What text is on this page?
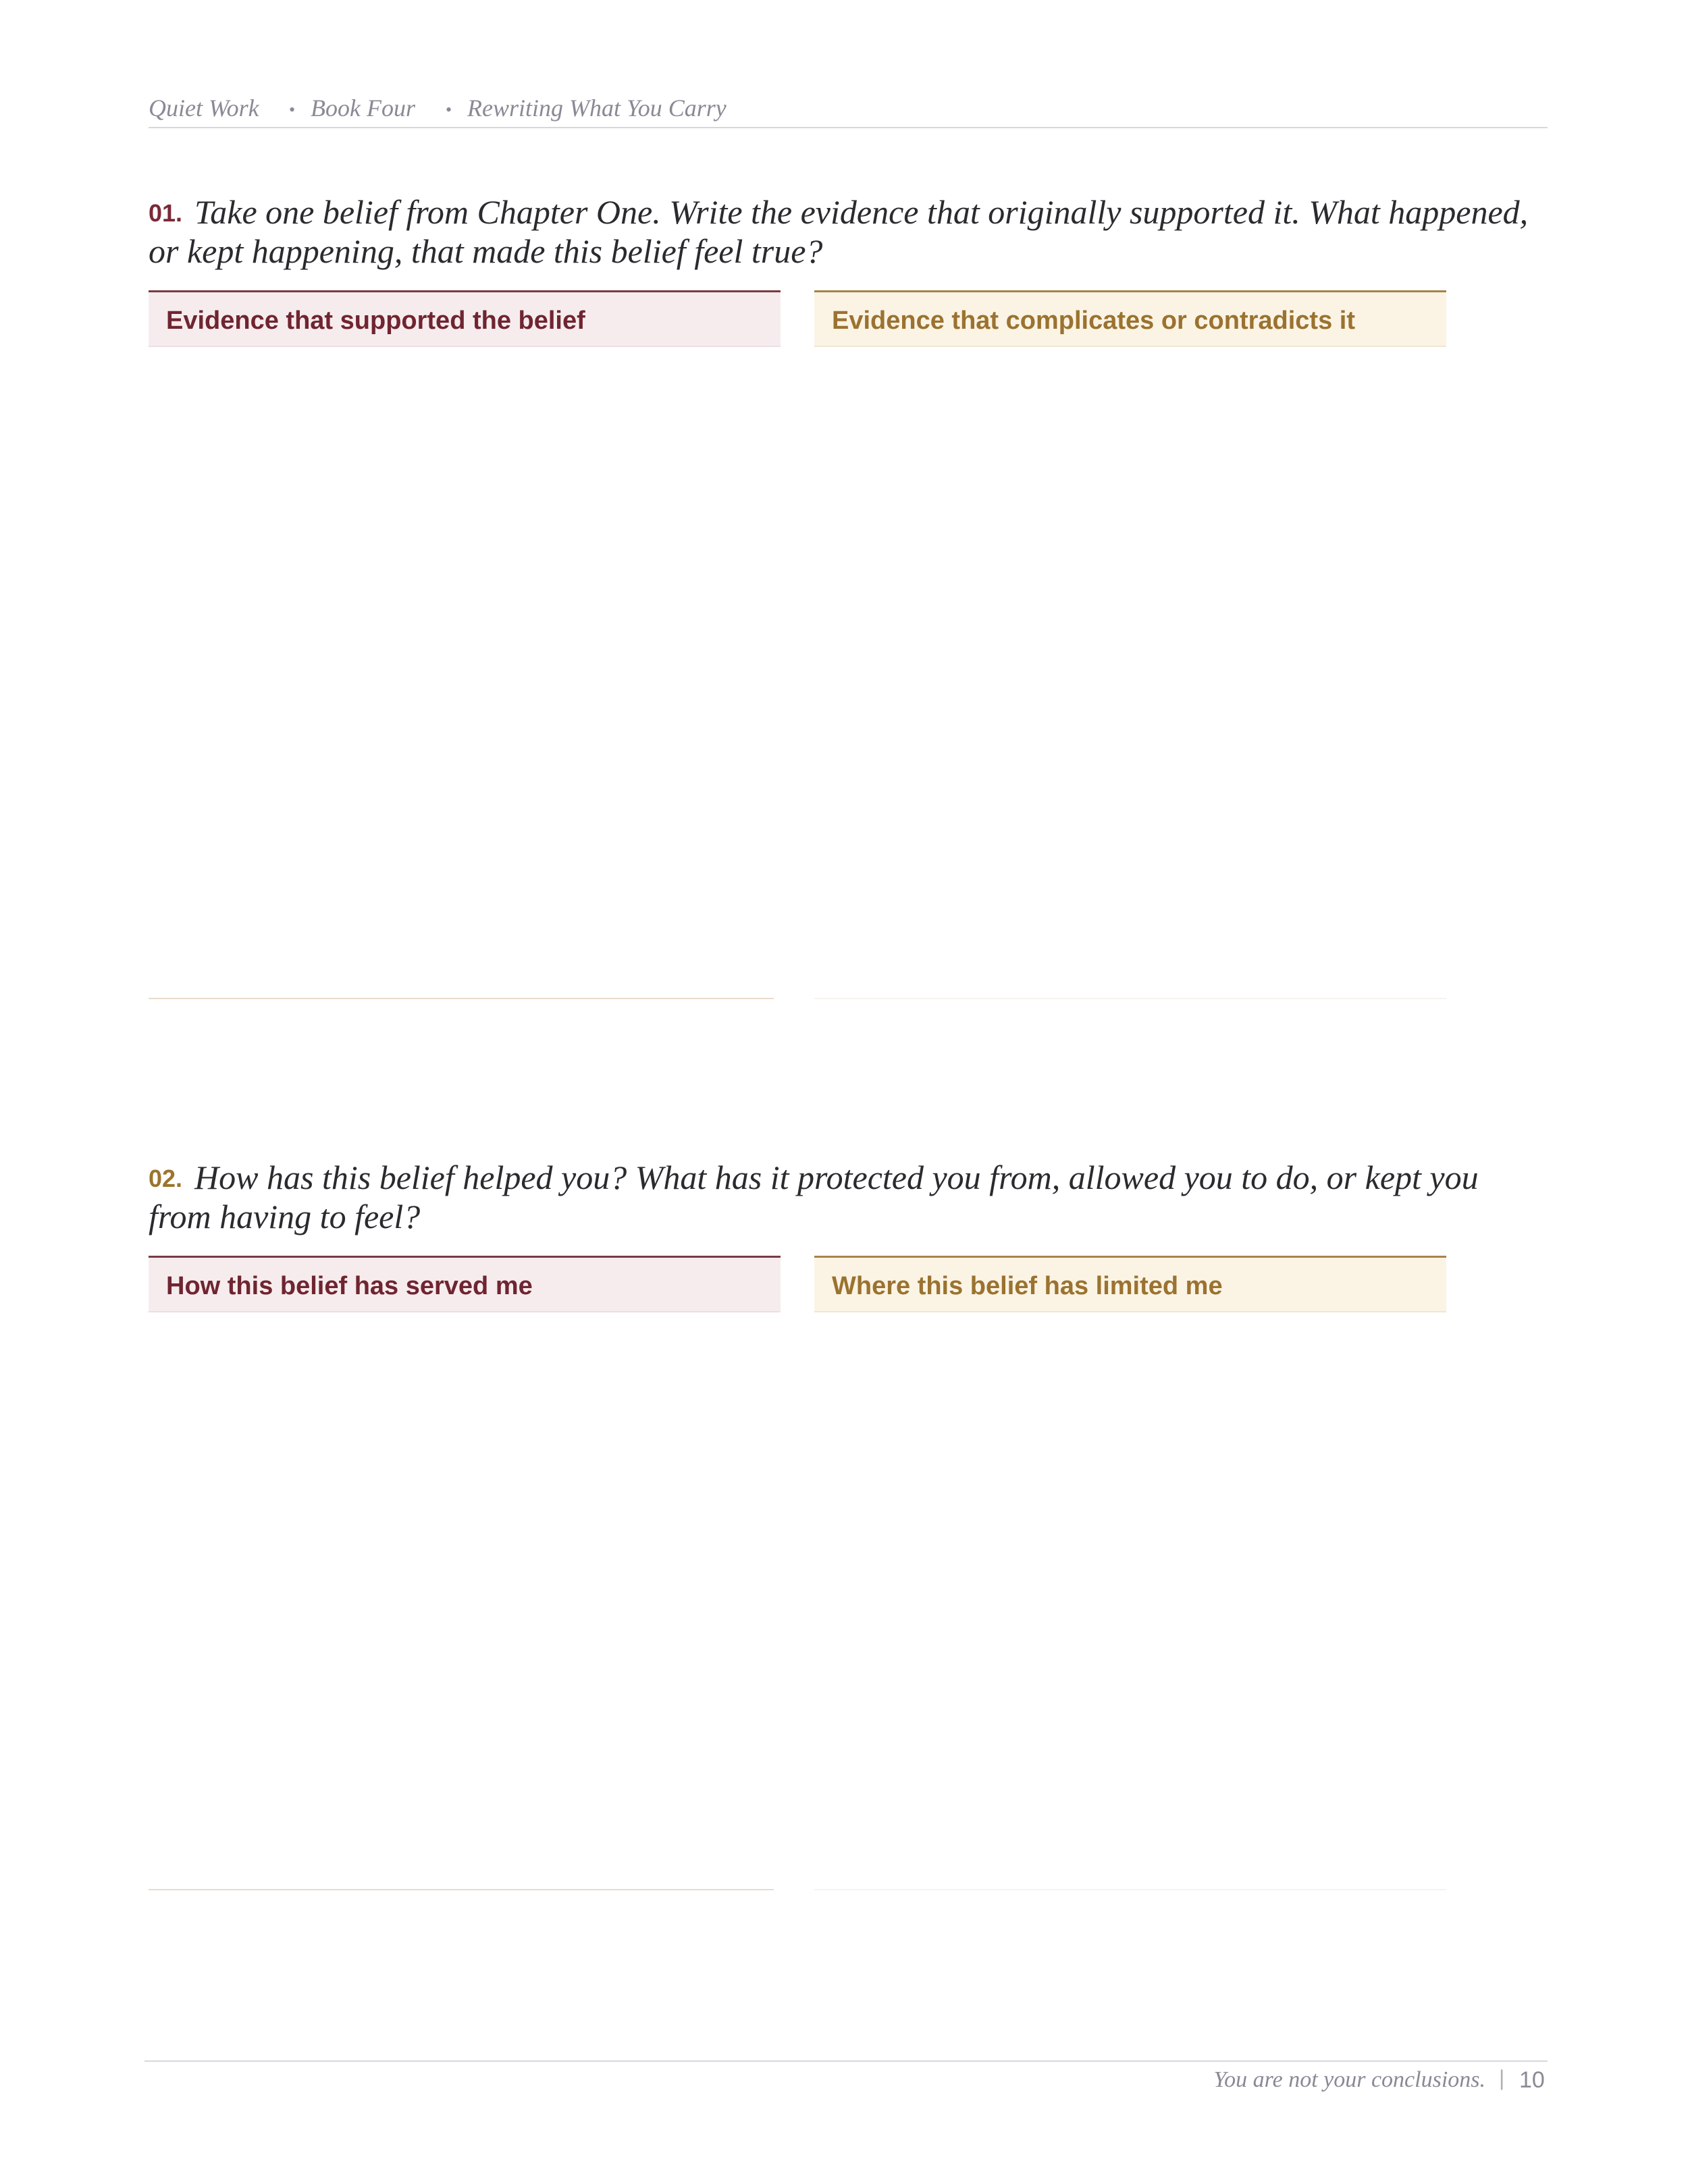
Quiet Work • Book Four • Rewriting What You Carry

01. Take one belief from Chapter One. Write the evidence that originally supported it. What happened, or kept happening, that made this belief feel true?

Evidence that supported the belief	Evidence that complicates or contradicts it

02. How has this belief helped you? What has it protected you from, allowed you to do, or kept you from having to feel?

How this belief has served me	Where this belief has limited me
You are not your conclusions. | 10
